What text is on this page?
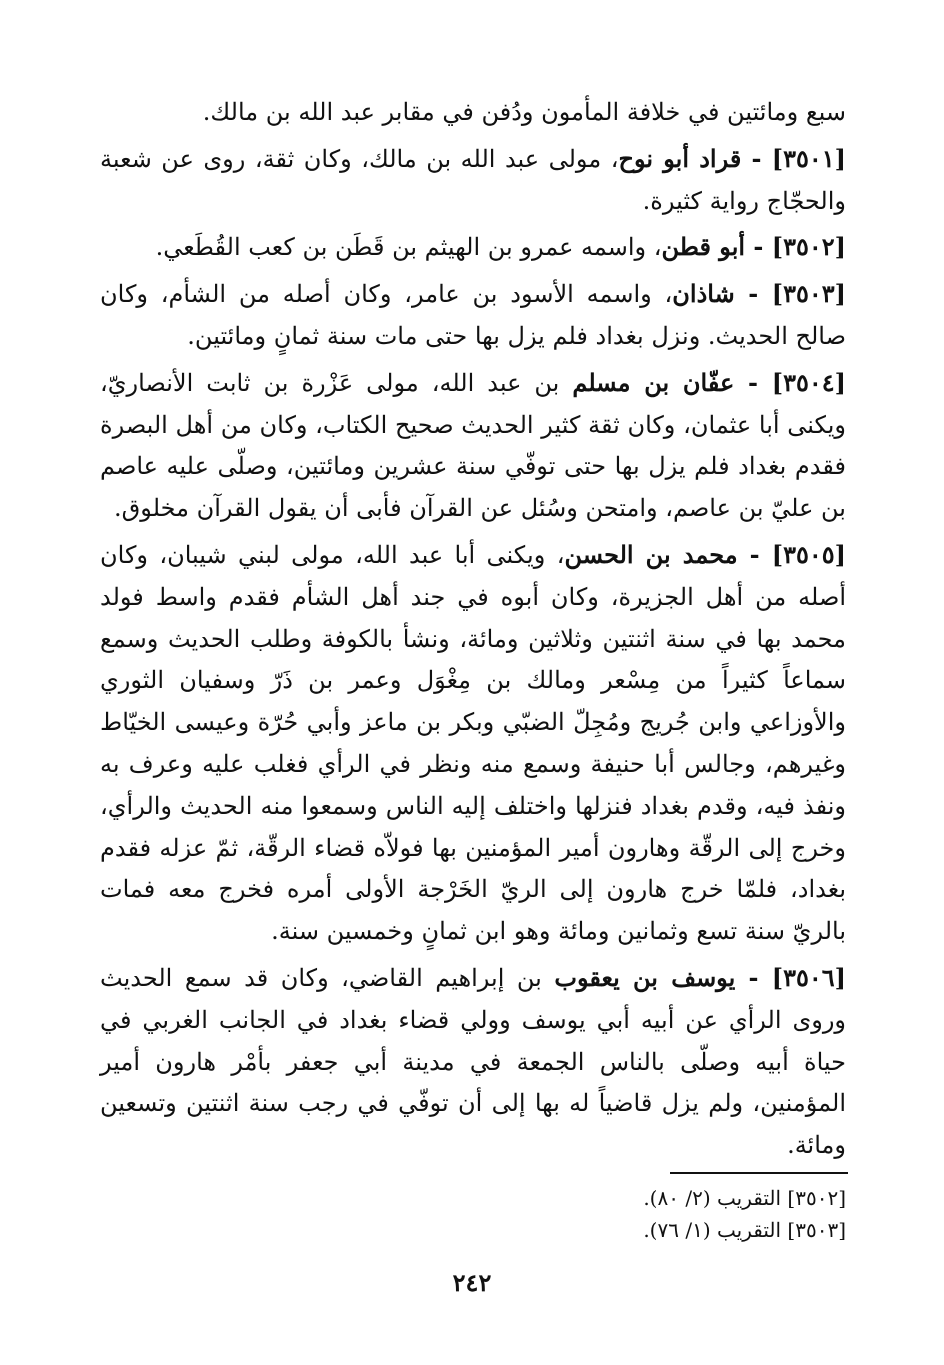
سبع ومائتين في خلافة المأمون ودُفن في مقابر عبد الله بن مالك.

[٣٥٠١] - قراد أبو نوح، مولى عبد الله بن مالك، وكان ثقة، روى عن شعبة والحجّاج رواية كثيرة.

[٣٥٠٢] - أبو قطن، واسمه عمرو بن الهيثم بن قَطَن بن كعب القُطَعي.

[٣٥٠٣] - شاذان، واسمه الأسود بن عامر، وكان أصله من الشأم، وكان صالح الحديث. ونزل بغداد فلم يزل بها حتى مات سنة ثمانٍ ومائتين.

[٣٥٠٤] - عفّان بن مسلم بن عبد الله، مولى عَزْرة بن ثابت الأنصاريّ، ويكنى أبا عثمان، وكان ثقة كثير الحديث صحيح الكتاب، وكان من أهل البصرة فقدم بغداد فلم يزل بها حتى توفّي سنة عشرين ومائتين، وصلّى عليه عاصم بن عليّ بن عاصم، وامتحن وسُئل عن القرآن فأبى أن يقول القرآن مخلوق.

[٣٥٠٥] - محمد بن الحسن، ويكنى أبا عبد الله، مولى لبني شيبان، وكان أصله من أهل الجزيرة، وكان أبوه في جند أهل الشأم فقدم واسط فولد محمد بها في سنة اثنتين وثلاثين ومائة، ونشأ بالكوفة وطلب الحديث وسمع سماعاً كثيراً من مِسْعر ومالك بن مِغْوَل وعمر بن ذَرّ وسفيان الثوري والأوزاعي وابن جُريج ومُجِلّ الضبّي وبكر بن ماعز وأبي حُرّة وعيسى الخيّاط وغيرهم، وجالس أبا حنيفة وسمع منه ونظر في الرأي فغلب عليه وعرف به ونفذ فيه، وقدم بغداد فنزلها واختلف إليه الناس وسمعوا منه الحديث والرأي، وخرج إلى الرقّة وهارون أمير المؤمنين بها فولاّه قضاء الرقّة، ثمّ عزله فقدم بغداد، فلمّا خرج هارون إلى الريّ الخَرْجة الأولى أمره فخرج معه فمات بالريّ سنة تسع وثمانين ومائة وهو ابن ثمانٍ وخمسين سنة.

[٣٥٠٦] - يوسف بن يعقوب بن إبراهيم القاضي، وكان قد سمع الحديث وروى الرأي عن أبيه أبي يوسف وولي قضاء بغداد في الجانب الغربي في حياة أبيه وصلّى بالناس الجمعة في مدينة أبي جعفر بأمْر هارون أمير المؤمنين، ولم يزل قاضياً له بها إلى أن توفّي في رجب سنة اثنتين وتسعين ومائة.

[٣٥٠٢] التقريب (٢/ ٨٠).

[٣٥٠٣] التقريب (١/ ٧٦).

٢٤٢
